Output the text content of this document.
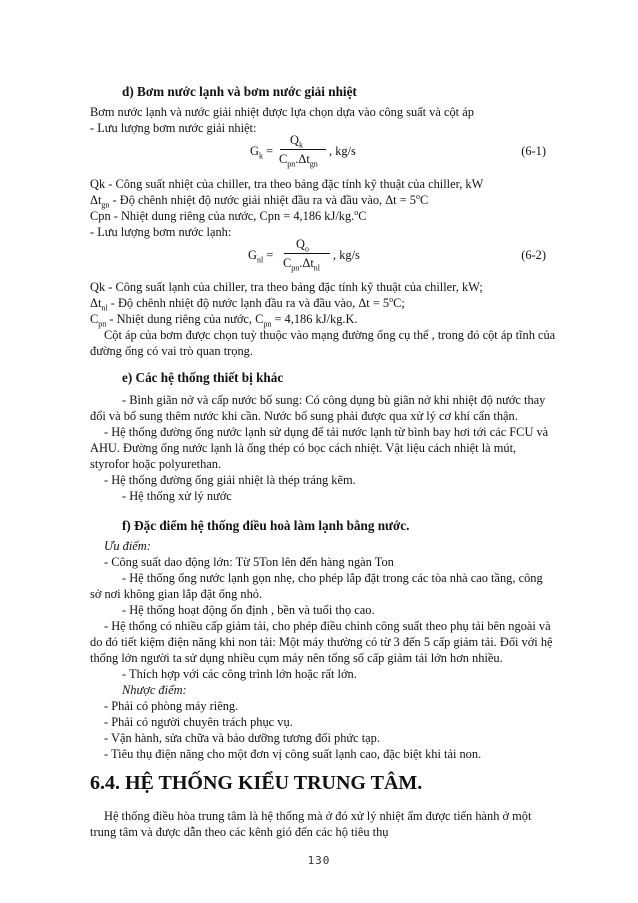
d) Bơm nước lạnh và bơm nước giải nhiệt
Bơm nước lạnh và nước giải nhiệt được lựa chọn dựa vào công suất và cột áp
- Lưu lượng bơm nước giải nhiệt:
$G_k$ =
$Q_k$
$C_{pn}.\Delta t_{gn}$
, kg/s	(6-1)
Qk - Công suất nhiệt của chiller, tra theo bảng đặc tính kỹ thuật của chiller, kW
$\Delta t_{gn}$ - Độ chênh nhiệt độ nước giải nhiệt đầu ra và đầu vào, $\Delta t = 5^oC$
Cpn - Nhiệt dung riêng của nước, Cpn = 4,186 kJ/kg.$^o$C
- Lưu lượng bơm nước lạnh:
$G_{nl}$ =
$Q_o$
$C_{pn}.\Delta t_{nl}$
, kg/s	(6-2)
Qk - Công suất lạnh của chiller, tra theo bảng đặc tính kỹ thuật của chiller, kW;
$\Delta t_{nl}$ - Độ chênh nhiệt độ nước lạnh đầu ra và đầu vào, $\Delta t = 5^oC$;
$C_{pn}$ - Nhiệt dung riêng của nước, $C_{pn} = 4,186$ kJ/kg.K.
Cột áp của bơm được chọn tuỳ thuộc vào mạng đường ống cụ thể , trong đó cột áp tĩnh của
đường ống có vai trò quan trọng.
e) Các hệ thống thiết bị khác
- Bình giãn nở và cấp nước bổ sung: Có công dụng bù giãn nở khi nhiệt độ nước thay
đổi và bổ sung thêm nước khi cần. Nước bổ sung phải được qua xử lý cơ khí cẩn thận.
- Hệ thống đường ống nước lạnh sử dụng để tải nước lạnh từ bình bay hơi tới các FCU và
AHU. Đường ống nước lạnh là ống thép có bọc cách nhiệt. Vật liệu cách nhiệt là mút,
styrofor hoặc polyurethan.
- Hệ thống đường ống giải nhiệt là thép tráng kẽm.
- Hệ thống xử lý nước
f) Đặc điểm hệ thống điều hoà làm lạnh bằng nước.
Ưu điểm:
- Công suất dao động lớn: Từ 5Ton lên đến hàng ngàn Ton
- Hệ thống ống nước lạnh gọn nhẹ, cho phép lắp đặt trong các tòa nhà cao tầng, công
sở nơi không gian lắp đặt ống nhỏ.
- Hệ thống hoạt động ổn định , bền và tuổi thọ cao.
- Hệ thống có nhiều cấp giảm tải, cho phép điều chỉnh công suất theo phụ tải bên ngoài và
do đó tiết kiệm điện năng khi non tải: Một máy thường có từ 3 đến 5 cấp giảm tải. Đối với hệ
thống lớn người ta sử dụng nhiều cụm máy nên tổng số cấp giảm tải lớn hơn nhiều.
- Thích hợp với các công trình lớn hoặc rất lớn.
Nhược điểm:
- Phải có phòng máy riêng.
- Phải có người chuyên trách phục vụ.
- Vận hành, sửa chữa và bảo dưỡng tương đối phức tạp.
- Tiêu thụ điện năng cho một đơn vị công suất lạnh cao, đặc biệt khi tải non.
6.4. HỆ THỐNG KIỂU TRUNG TÂM.
Hệ thống điều hòa trung tâm là hệ thống mà ở đó xử lý nhiệt ẩm được tiến hành ở một
trung tâm và được dẫn theo các kênh gió đến các hộ tiêu thụ
130
